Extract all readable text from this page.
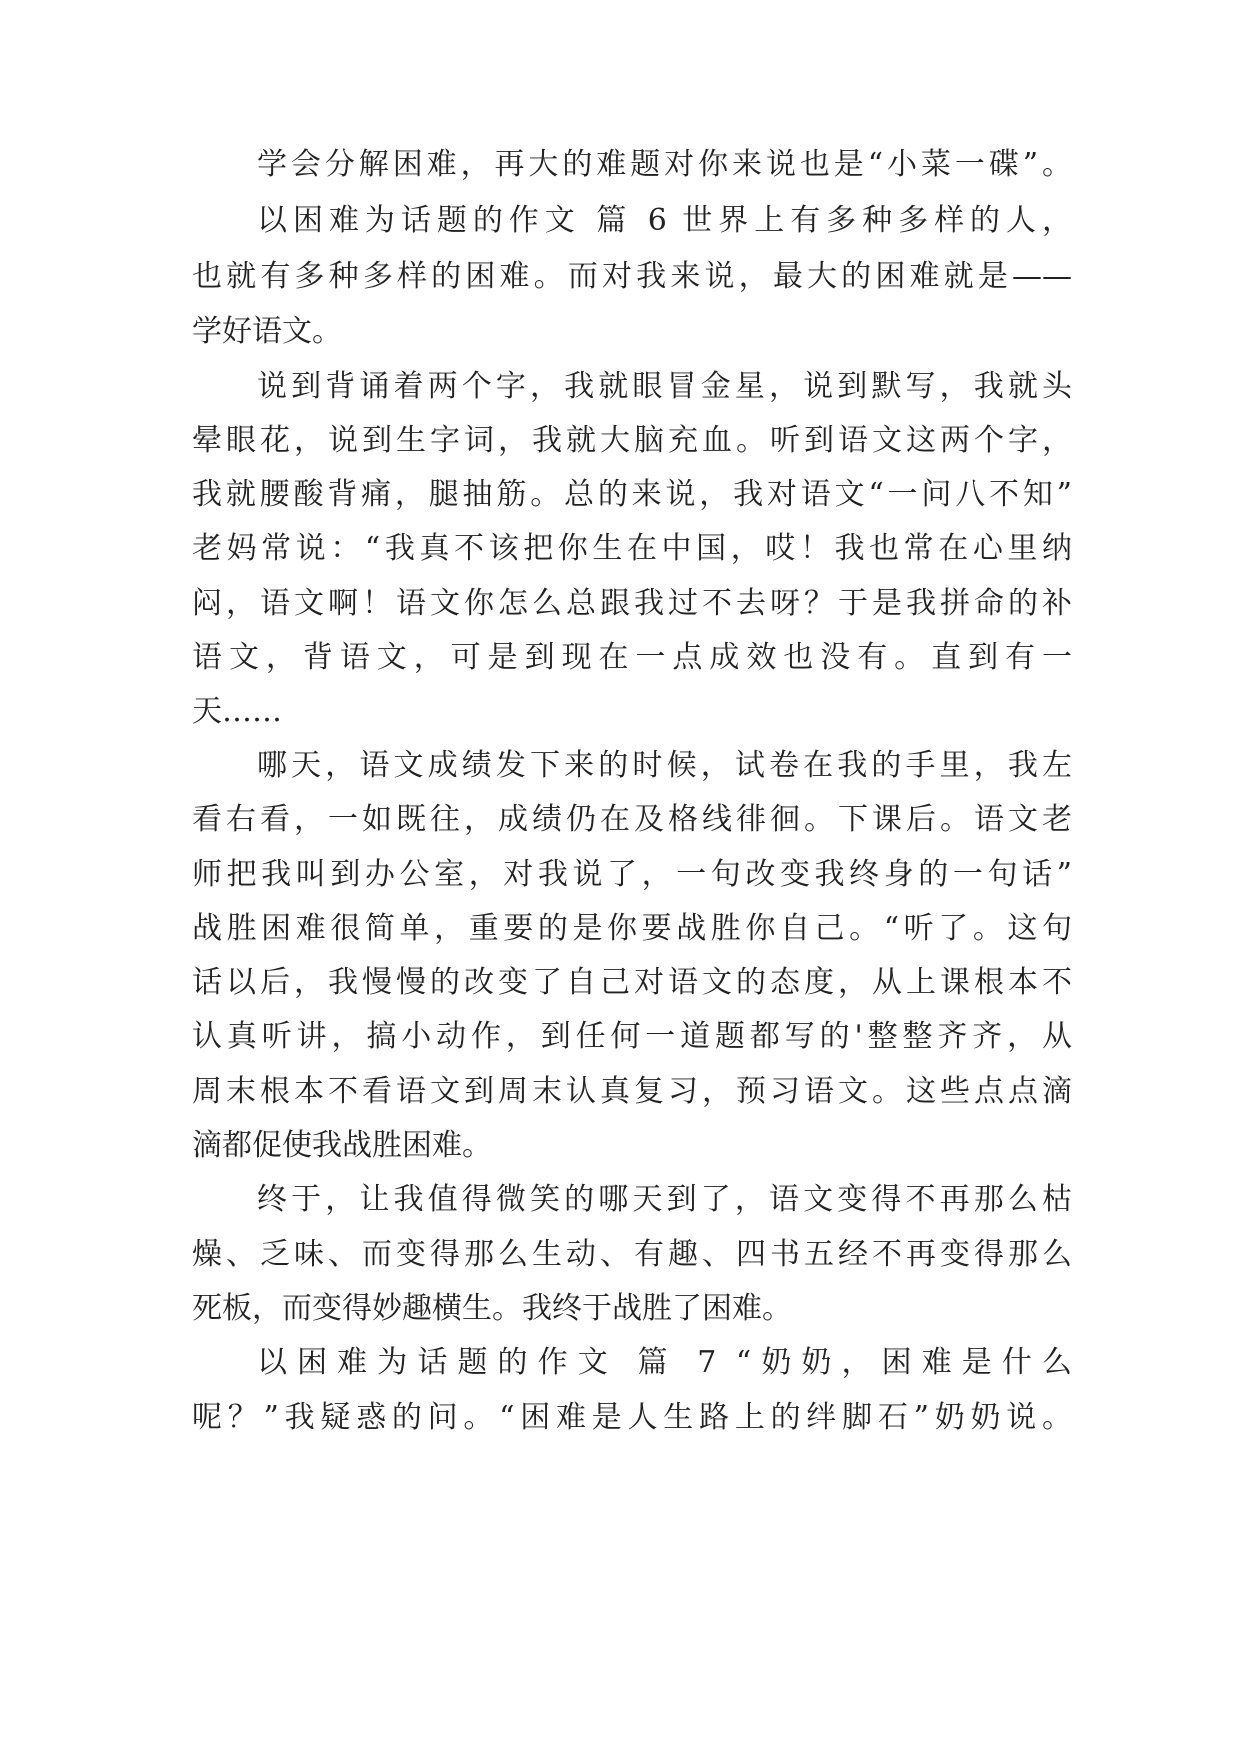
学会分解困难，再大的难题对你来说也是“小菜一碟”。
以困难为话题的作文 篇 6 世界上有多种多样的人，
也就有多种多样的困难。而对我来说，最大的困难就是——
学好语文。
说到背诵着两个字，我就眼冒金星，说到默写，我就头
晕眼花，说到生字词，我就大脑充血。听到语文这两个字，
我就腰酸背痛，腿抽筋。总的来说，我对语文“一问八不知”
老妈常说：“我真不该把你生在中国，哎！我也常在心里纳
闷，语文啊！语文你怎么总跟我过不去呀？于是我拼命的补
语文，背语文，可是到现在一点成效也没有。直到有一
天……
哪天，语文成绩发下来的时候，试卷在我的手里，我左
看右看，一如既往，成绩仍在及格线徘徊。下课后。语文老
师把我叫到办公室，对我说了，一句改变我终身的一句话”
战胜困难很简单，重要的是你要战胜你自己。“听了。这句
话以后，我慢慢的改变了自己对语文的态度，从上课根本不
认真听讲，搞小动作，到任何一道题都写的'整整齐齐，从
周末根本不看语文到周末认真复习，预习语文。这些点点滴
滴都促使我战胜困难。
终于，让我值得微笑的哪天到了，语文变得不再那么枯
燥、乏味、而变得那么生动、有趣、四书五经不再变得那么
死板，而变得妙趣横生。我终于战胜了困难。
以困难为话题的作文 篇 7 “奶奶，困难是什么
呢？”我疑惑的问。“困难是人生路上的绊脚石”奶奶说。
